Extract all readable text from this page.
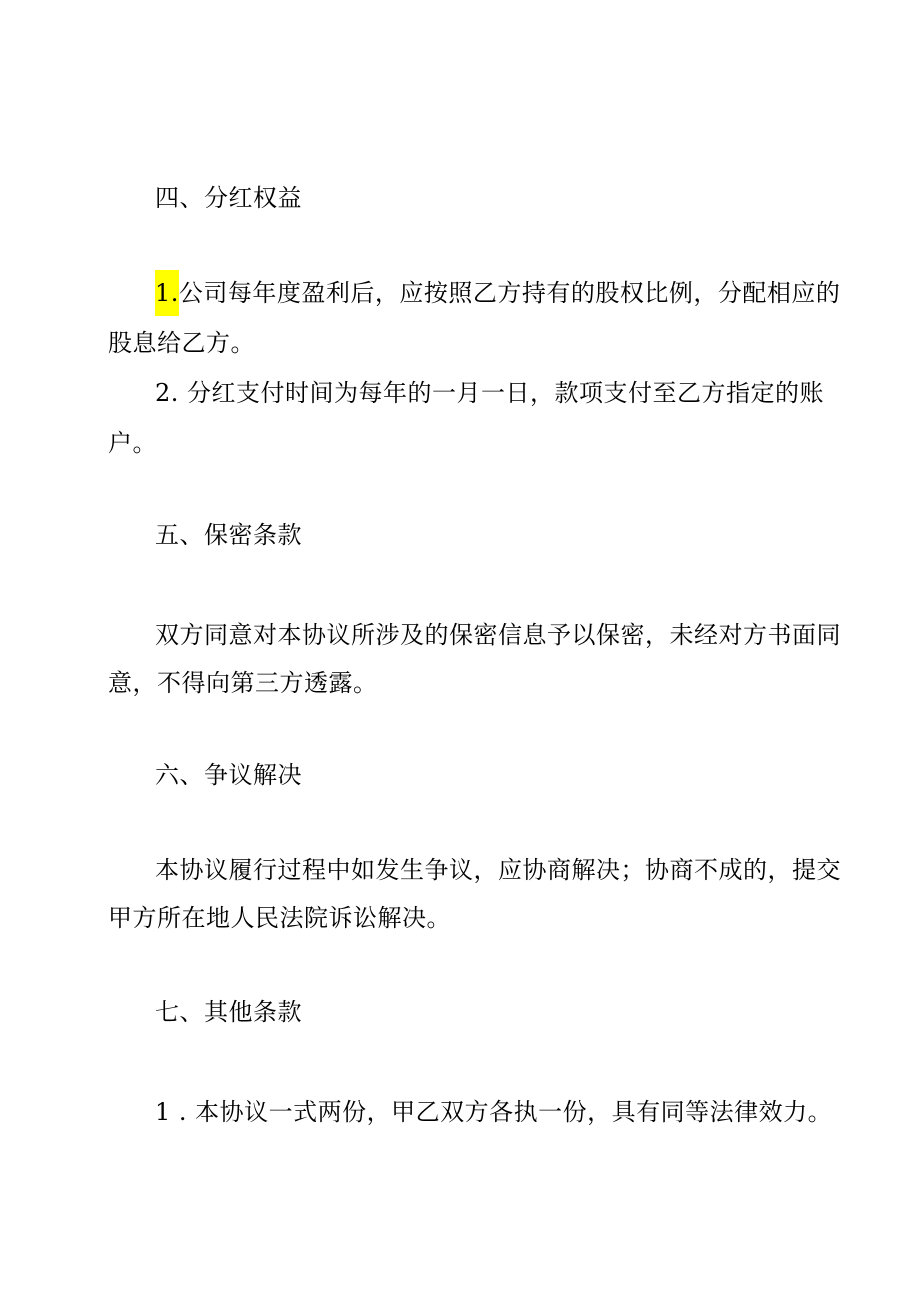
四、分红权益
1.公司每年度盈利后，应按照乙方持有的股权比例，分配相应的
股息给乙方。
2. 分红支付时间为每年的一月一日，款项支付至乙方指定的账
户。
五、保密条款
双方同意对本协议所涉及的保密信息予以保密，未经对方书面同
意，不得向第三方透露。
六、争议解决
本协议履行过程中如发生争议，应协商解决；协商不成的，提交
甲方所在地人民法院诉讼解决。
七、其他条款
1 . 本协议一式两份，甲乙双方各执一份，具有同等法律效力。
